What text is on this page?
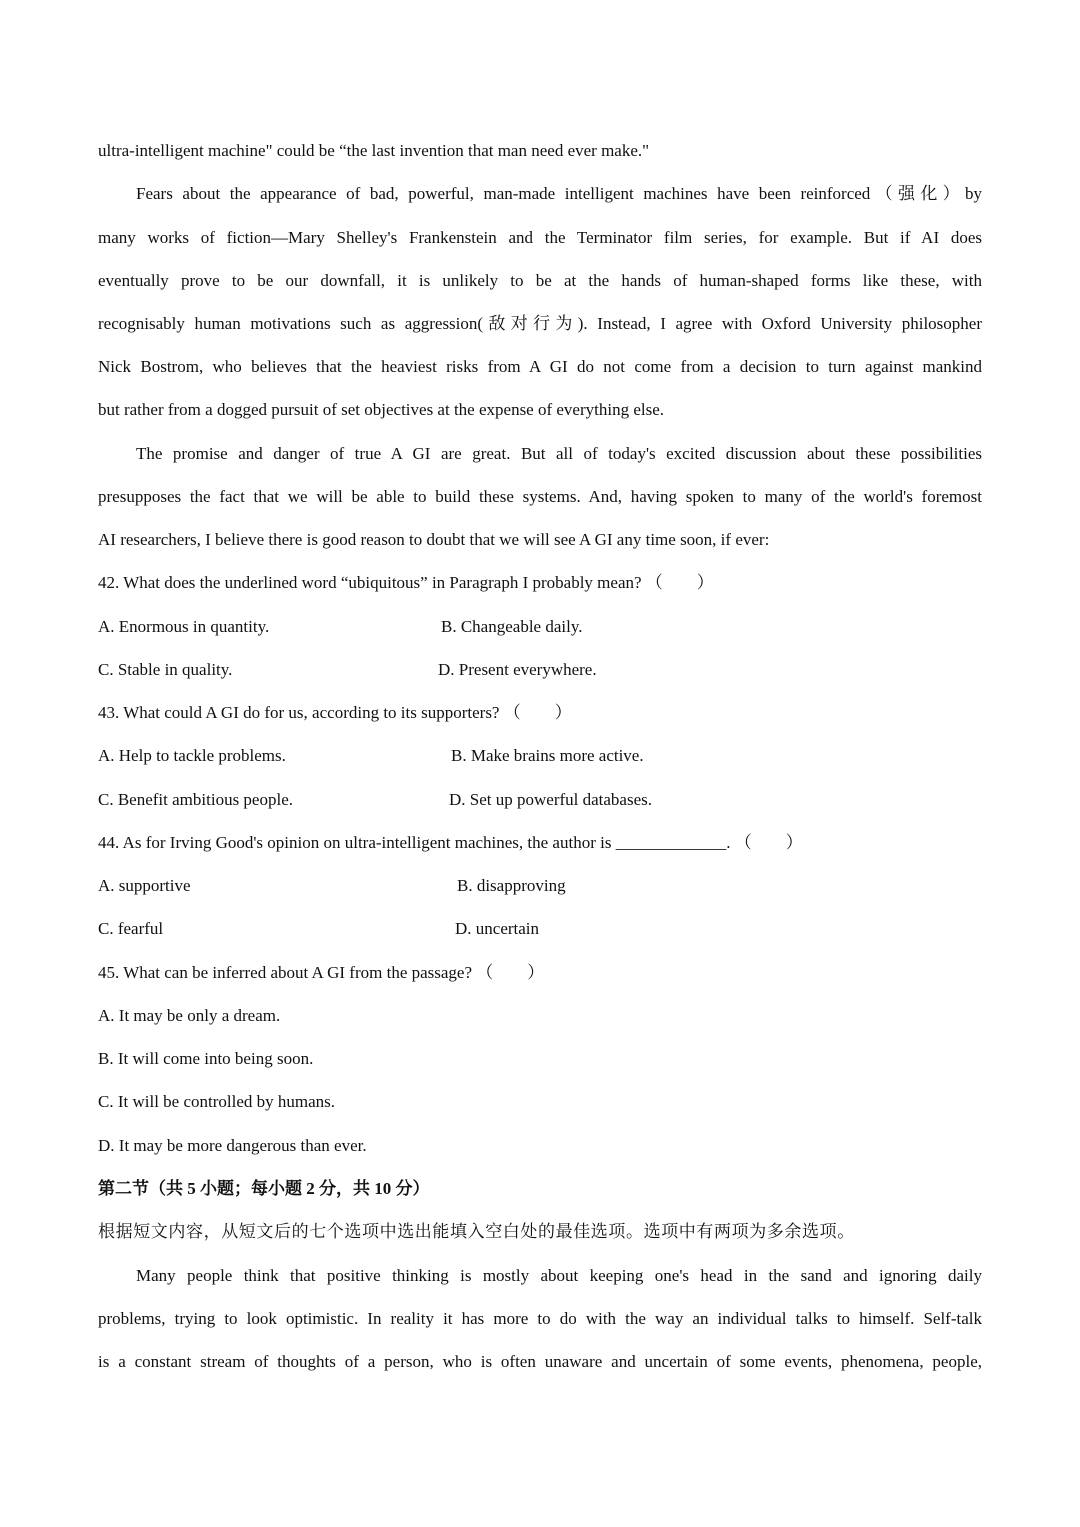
ultra-intelligent machine" could be “the last invention that man need ever make."
Fears about the appearance of bad, powerful, man-made intelligent machines have been reinforced（强化）by
many works of fiction—Mary Shelley's Frankenstein and the Terminator film series, for example. But if AI does
eventually prove to be our downfall, it is unlikely to be at the hands of human-shaped forms like these, with
recognisably human motivations such as aggression(敌对行为). Instead, I agree with Oxford University philosopher
Nick Bostrom, who believes that the heaviest risks from A GI do not come from a decision to turn against mankind
but rather from a dogged pursuit of set objectives at the expense of everything else.
The promise and danger of true A GI are great. But all of today's excited discussion about these possibilities
presupposes the fact that we will be able to build these systems. And, having spoken to many of the world's foremost
AI researchers, I believe there is good reason to doubt that we will see A GI any time soon, if ever:
42. What does the underlined word “ubiquitous” in Paragraph I probably mean? （　　）
A. Enormous in quantity.	B. Changeable daily.
C. Stable in quality.	D. Present everywhere.
43. What could A GI do for us, according to its supporters? （　　）
A. Help to tackle problems.	B. Make brains more active.
C. Benefit ambitious people.	D. Set up powerful databases.
44. As for Irving Good's opinion on ultra-intelligent machines, the author is _____________. （　　）
A. supportive	B. disapproving
C. fearful	D. uncertain
45. What can be inferred about A GI from the passage? （　　）
A. It may be only a dream.
B. It will come into being soon.
C. It will be controlled by humans.
D. It may be more dangerous than ever.
第二节（共 5 小题；每小题 2 分，共 10 分）
根据短文内容，从短文后的七个选项中选出能填入空白处的最佳选项。选项中有两项为多余选项。
Many people think that positive thinking is mostly about keeping one's head in the sand and ignoring daily
problems, trying to look optimistic. In reality it has more to do with the way an individual talks to himself. Self-talk
is a constant stream of thoughts of a person, who is often unaware and uncertain of some events, phenomena, people,
